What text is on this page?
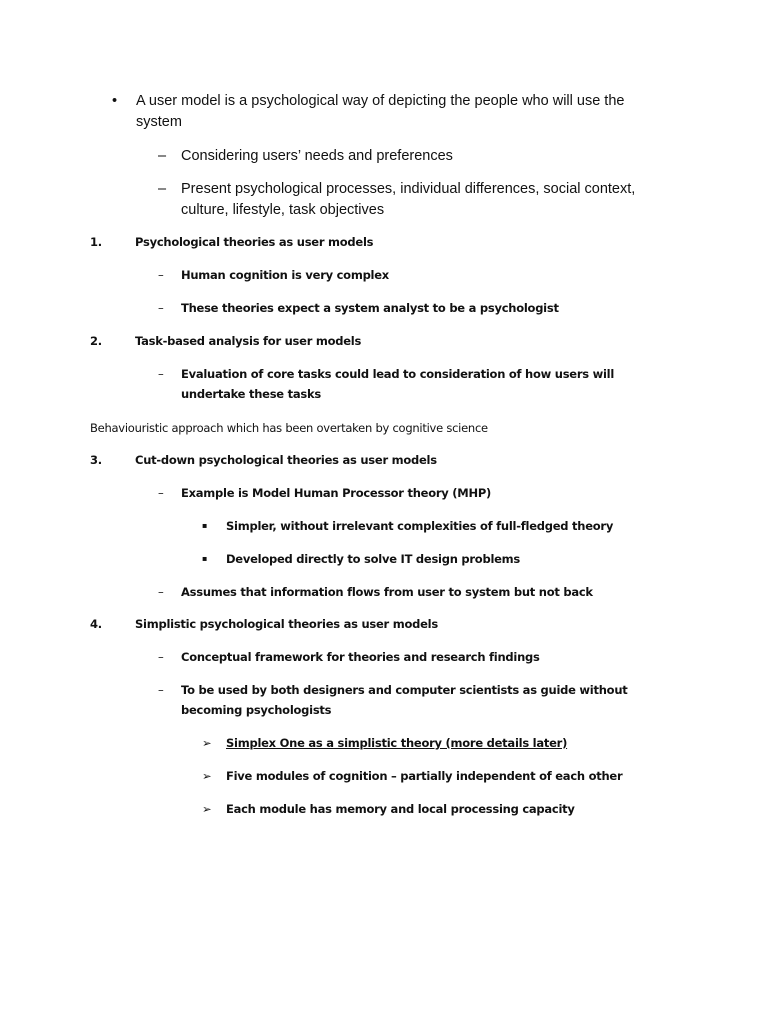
• A user model is a psychological way of depicting the people who will use the system

– Considering users’ needs and preferences

– Present psychological processes, individual differences, social context, culture, lifestyle, task objectives

1.	Psychological theories as user models

– Human cognition is very complex

– These theories expect a system analyst to be a psychologist

2.	Task-based analysis for user models

– Evaluation of core tasks could lead to consideration of how users will undertake these tasks

Behaviouristic approach which has been overtaken by cognitive science

3.	Cut-down psychological theories as user models

– Example is Model Human Processor theory (MHP)

▪ Simpler, without irrelevant complexities of full-fledged theory

▪ Developed directly to solve IT design problems

– Assumes that information flows from user to system but not back

4.	Simplistic psychological theories as user models

– Conceptual framework for theories and research findings

– To be used by both designers and computer scientists as guide without becoming psychologists

➢ Simplex One as a simplistic theory (more details later)

➢ Five modules of cognition – partially independent of each other

➢ Each module has memory and local processing capacity
